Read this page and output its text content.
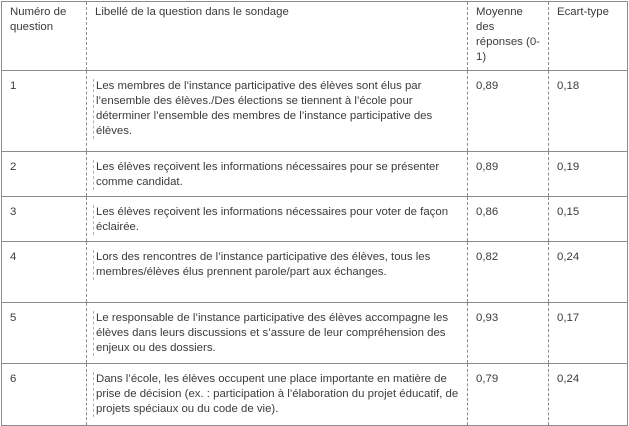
Numéro de question	Libellé de la question dans le sondage	Moyenne des réponses (0-1)	Ecart-type
1	Les membres de l’instance participative des élèves sont élus par l’ensemble des élèves./Des élections se tiennent à l’école pour déterminer l’ensemble des membres de l’instance participative des élèves.	0,89	0,18
2	Les élèves reçoivent les informations nécessaires pour se présenter comme candidat.	0,89	0,19
3	Les élèves reçoivent les informations nécessaires pour voter de façon éclairée.	0,86	0,15
4	Lors des rencontres de l’instance participative des élèves, tous les membres/élèves élus prennent parole/part aux échanges.	0,82	0,24
5	Le responsable de l’instance participative des élèves accompagne les élèves dans leurs discussions et s’assure de leur compréhension des enjeux ou des dossiers.	0,93	0,17
6	Dans l’école, les élèves occupent une place importante en matière de prise de décision (ex. : participation à l’élaboration du projet éducatif, de projets spéciaux ou du code de vie).	0,79	0,24
